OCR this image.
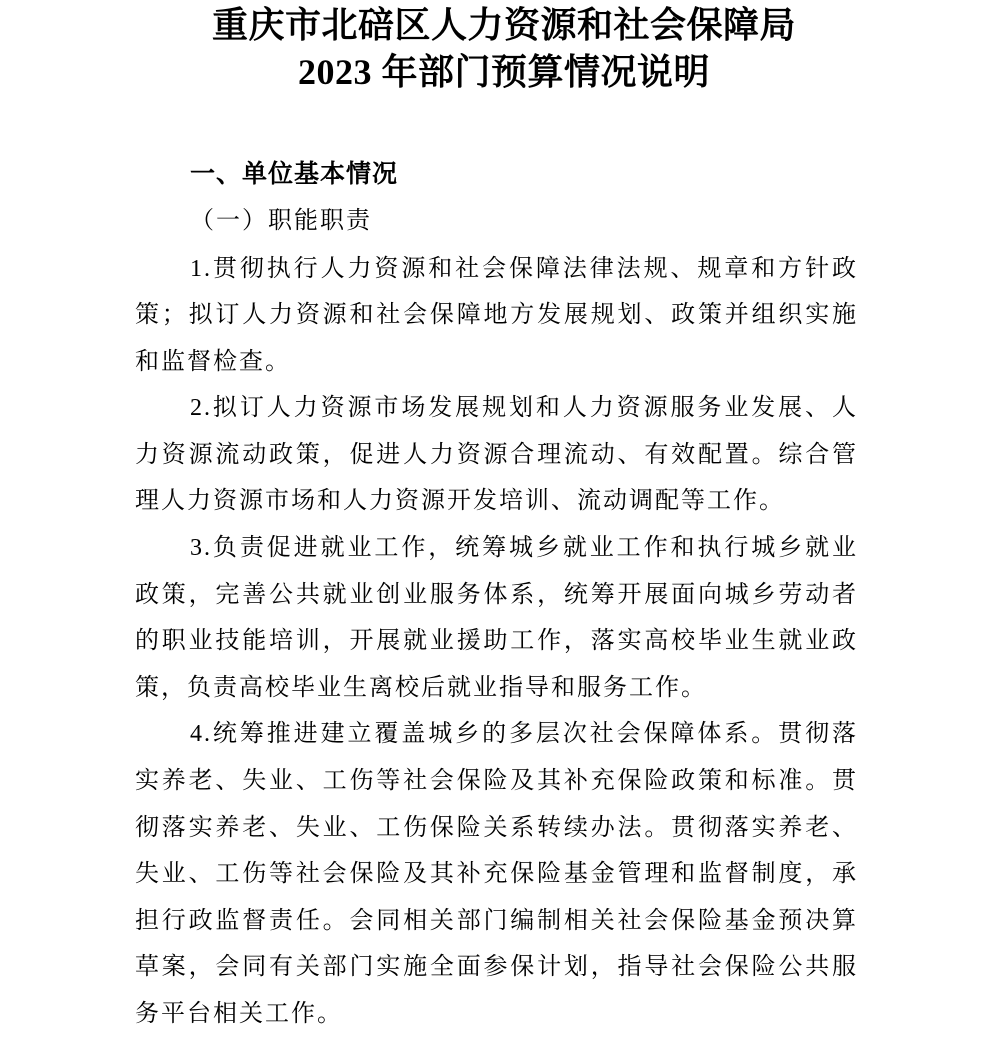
重庆市北碚区人力资源和社会保障局
2023 年部门预算情况说明
一、单位基本情况
（一）职能职责
1.贯彻执行人力资源和社会保障法律法规、规章和方针政
策；拟订人力资源和社会保障地方发展规划、政策并组织实施
和监督检查。
2.拟订人力资源市场发展规划和人力资源服务业发展、人
力资源流动政策，促进人力资源合理流动、有效配置。综合管
理人力资源市场和人力资源开发培训、流动调配等工作。
3.负责促进就业工作，统筹城乡就业工作和执行城乡就业
政策，完善公共就业创业服务体系，统筹开展面向城乡劳动者
的职业技能培训，开展就业援助工作，落实高校毕业生就业政
策，负责高校毕业生离校后就业指导和服务工作。
4.统筹推进建立覆盖城乡的多层次社会保障体系。贯彻落
实养老、失业、工伤等社会保险及其补充保险政策和标准。贯
彻落实养老、失业、工伤保险关系转续办法。贯彻落实养老、
失业、工伤等社会保险及其补充保险基金管理和监督制度，承
担行政监督责任。会同相关部门编制相关社会保险基金预决算
草案，会同有关部门实施全面参保计划，指导社会保险公共服
务平台相关工作。
